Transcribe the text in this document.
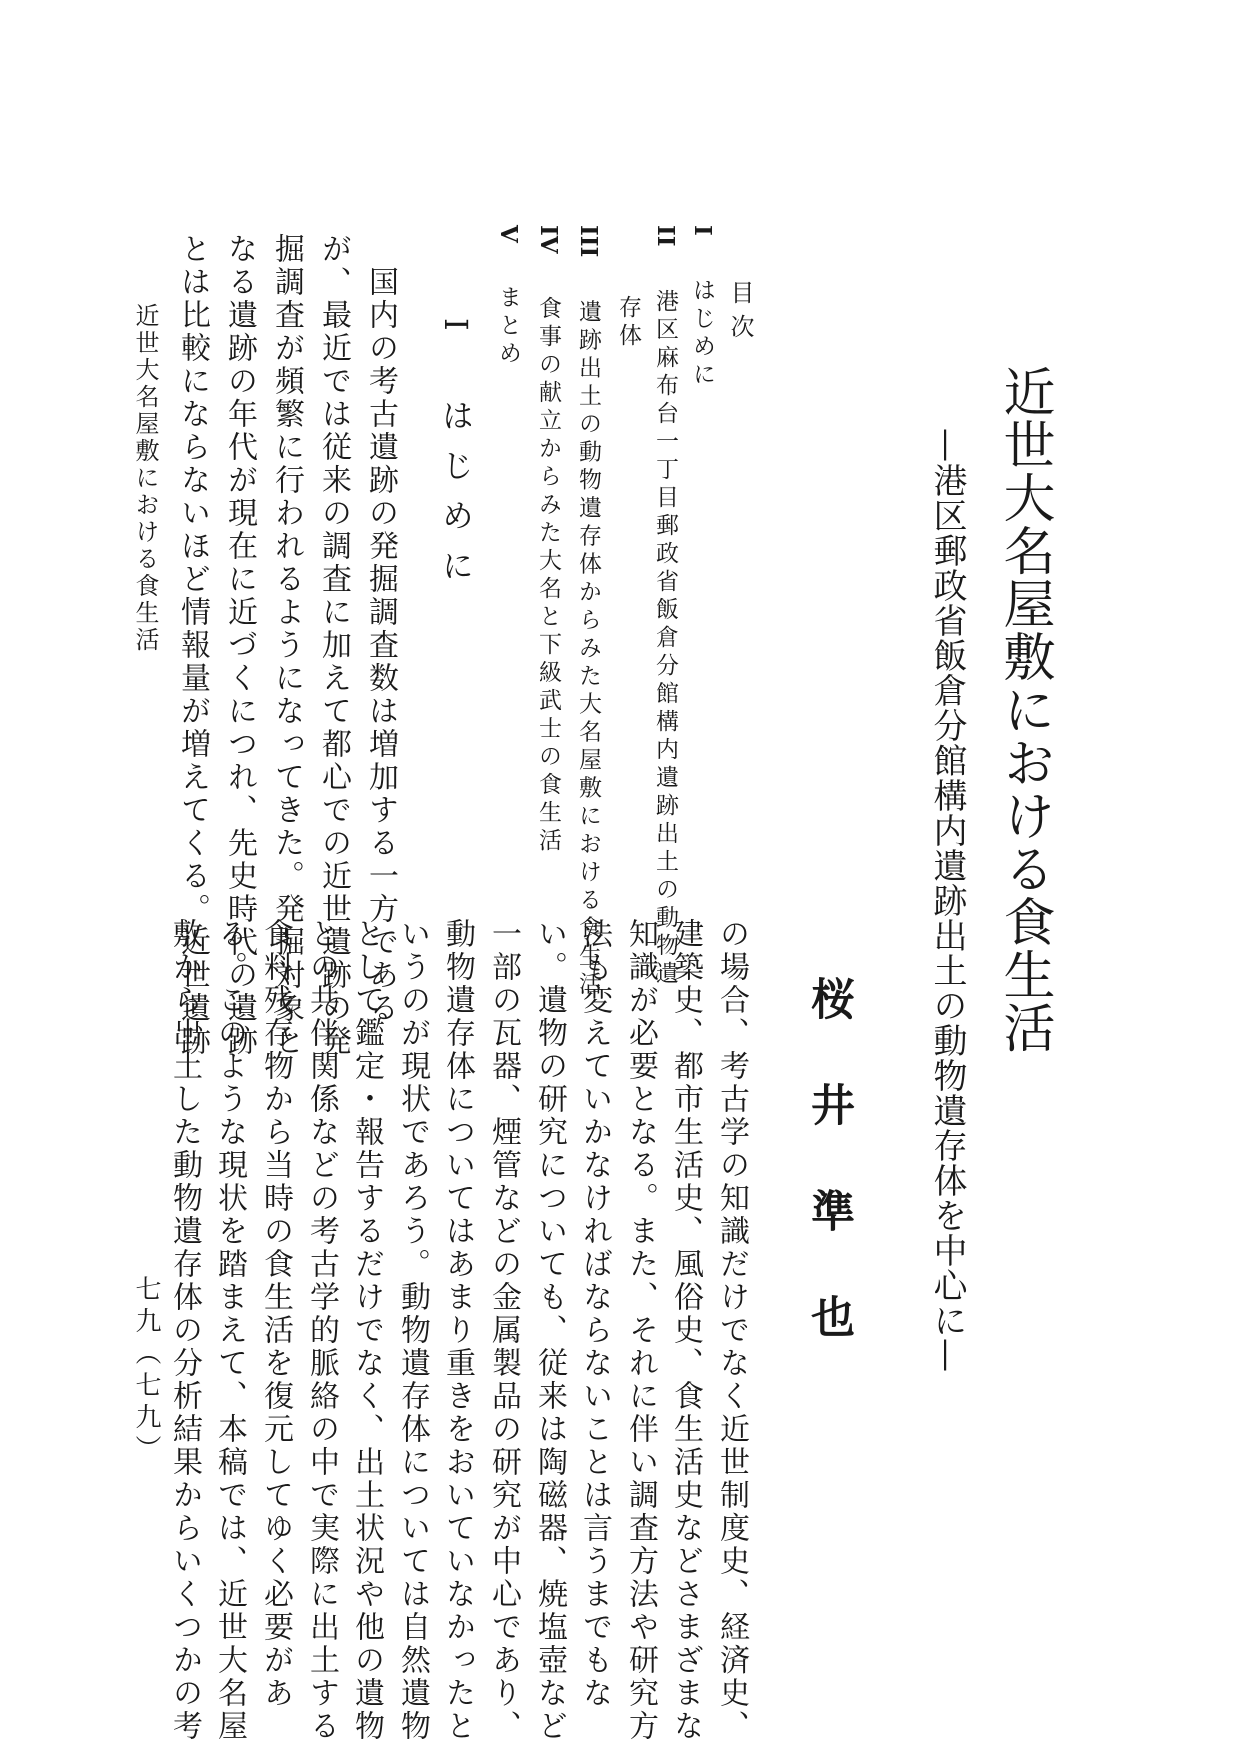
近世大名屋敷における食生活
—港区郵政省飯倉分館構内遺跡出土の動物遺存体を中心に—
桜井準也
目次
I　はじめに
II　港区麻布台一丁目郵政省飯倉分館構内遺跡出土の動物遺
存体
III　遺跡出土の動物遺存体からみた大名屋敷における食生活
IV　食事の献立からみた大名と下級武士の食生活
V　まとめ
I　はじめに
国内の考古遺跡の発掘調査数は増加する一方である
が、最近では従来の調査に加えて都心での近世遺跡の発
掘調査が頻繁に行われるようになってきた。発掘対象と
なる遺跡の年代が現在に近づくにつれ、先史時代の遺跡
とは比較にならないほど情報量が増えてくる。近世遺跡
の場合、考古学の知識だけでなく近世制度史、経済史、
建築史、都市生活史、風俗史、食生活史などさまざまな
知識が必要となる。また、それに伴い調査方法や研究方
法も変えていかなければならないことは言うまでもな
い。遺物の研究についても、従来は陶磁器、焼塩壺など
一部の瓦器、煙管などの金属製品の研究が中心であり、
動物遺存体についてはあまり重きをおいていなかったと
いうのが現状であろう。動物遺存体については自然遺物
として鑑定・報告するだけでなく、出土状況や他の遺物
との共伴関係などの考古学的脈絡の中で実際に出土する
食料残存物から当時の食生活を復元してゆく必要があ
る。このような現状を踏まえて、本稿では、近世大名屋
敷から出土した動物遺存体の分析結果からいくつかの考
近世大名屋敷における食生活
七九（七九）
